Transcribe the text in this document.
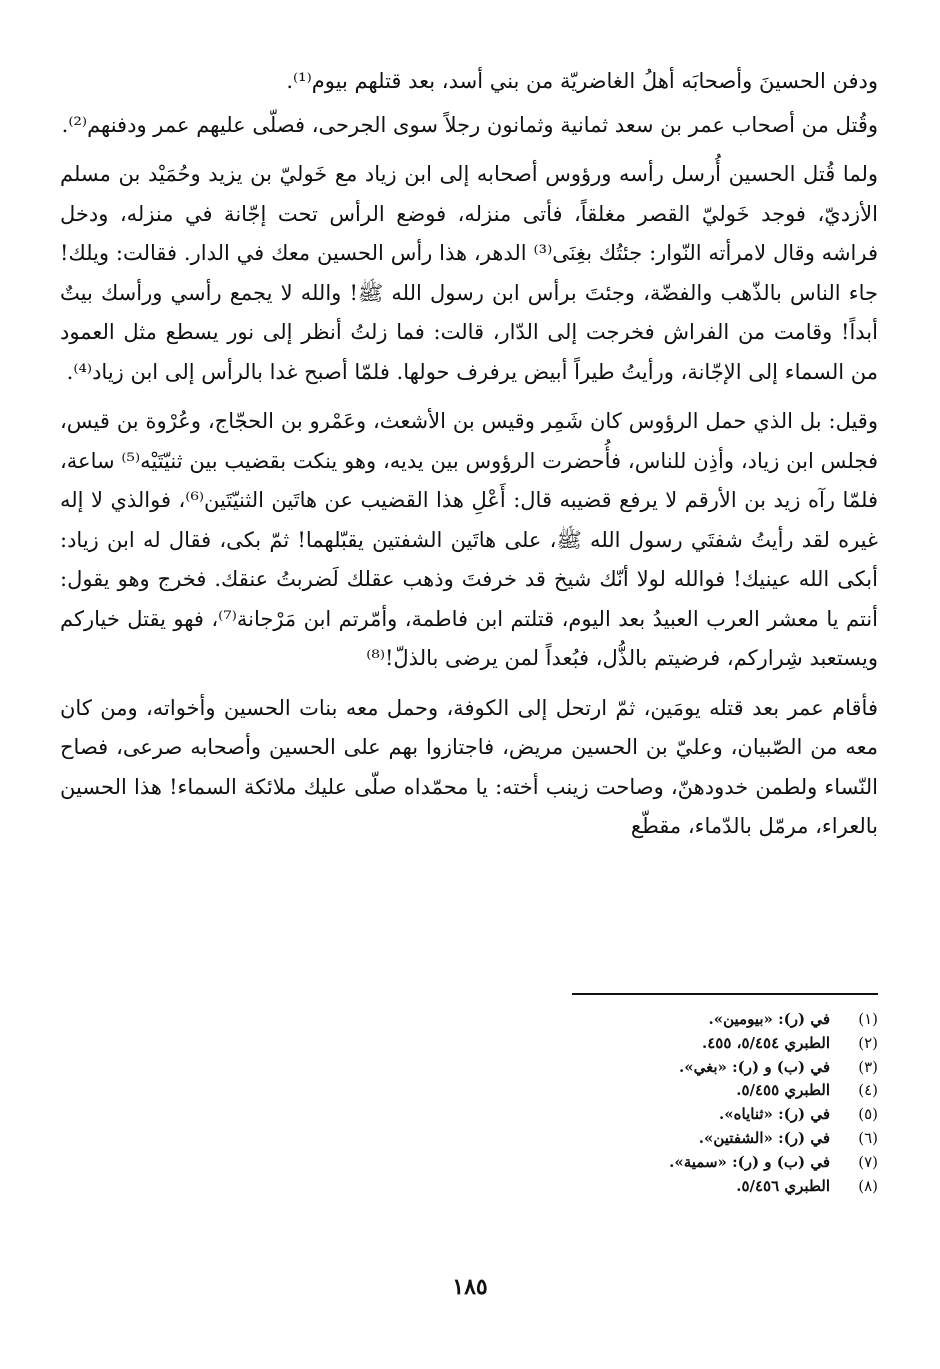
ودفن الحسينَ وأصحابَه أهلُ الغاضريّة من بني أسد، بعد قتلهم بيوم⁽¹⁾.

وقُتل من أصحاب عمر بن سعد ثمانية وثمانون رجلاً سوى الجرحى، فصلّى عليهم عمر ودفنهم⁽²⁾.

ولما قُتل الحسين أُرسل رأسه ورؤوس أصحابه إلى ابن زياد مع خَوليّ بن يزيد وحُمَيْد بن مسلم الأزديّ، فوجد خَوليّ القصر مغلقاً، فأتى منزله، فوضع الرأس تحت إجّانة في منزله، ودخل فراشه وقال لامرأته النّوار: جئتُك بغِنَى⁽³⁾ الدهر، هذا رأس الحسين معك في الدار. فقالت: ويلك! جاء الناس بالذّهب والفضّة، وجئتَ برأس ابن رسول الله ﷺ! والله لا يجمع رأسي ورأسك بيتٌ أبداً! وقامت من الفراش فخرجت إلى الدّار، قالت: فما زلتُ أنظر إلى نور يسطع مثل العمود من السماء إلى الإجّانة، ورأيتُ طيراً أبيض يرفرف حولها. فلمّا أصبح غدا بالرأس إلى ابن زياد⁽⁴⁾.

وقيل: بل الذي حمل الرؤوس كان شَمِر وقيس بن الأشعث، وعَمْرو بن الحجّاج، وعُرْوة بن قيس، فجلس ابن زياد، وأذِن للناس، فأُحضرت الرؤوس بين يديه، وهو ينكت بقضيب بين ثنيّتَيْه⁽⁵⁾ ساعة، فلمّا رآه زيد بن الأرقم لا يرفع قضيبه قال: أَعْلِ هذا القضيب عن هاتَين الثنيّتَين⁽⁶⁾، فوالذي لا إله غيره لقد رأيتُ شفتَي رسول الله ﷺ، على هاتَين الشفتين يقبّلهما! ثمّ بكى، فقال له ابن زياد: أبكى الله عينيك! فوالله لولا أنّك شيخ قد خرفتَ وذهب عقلك لَضربتُ عنقك. فخرج وهو يقول: أنتم يا معشر العرب العبيدُ بعد اليوم، قتلتم ابن فاطمة، وأمّرتم ابن مَرْجانة⁽⁷⁾، فهو يقتل خياركم ويستعبد شِراركم، فرضيتم بالذُّل، فبُعداً لمن يرضى بالذلّ!⁽⁸⁾

فأقام عمر بعد قتله يومَين، ثمّ ارتحل إلى الكوفة، وحمل معه بنات الحسين وأخواته، ومن كان معه من الصّبيان، وعليّ بن الحسين مريض، فاجتازوا بهم على الحسين وأصحابه صرعى، فصاح النّساء ولطمن خدودهنّ، وصاحت زينب أخته: يا محمّداه صلّى عليك ملائكة السماء! هذا الحسين بالعراء، مرمّل بالدّماء، مقطّع

(١)
في (ر): «بيومين».
(٢)
الطبري ٥/٤٥٤، ٤٥٥.
(٣)
في (ب) و (ر): «بغي».
(٤)
الطبري ٥/٤٥٥.
(٥)
في (ر): «ثناياه».
(٦)
في (ر): «الشفتين».
(٧)
في (ب) و (ر): «سمية».
(٨)
الطبري ٥/٤٥٦.
١٨٥
